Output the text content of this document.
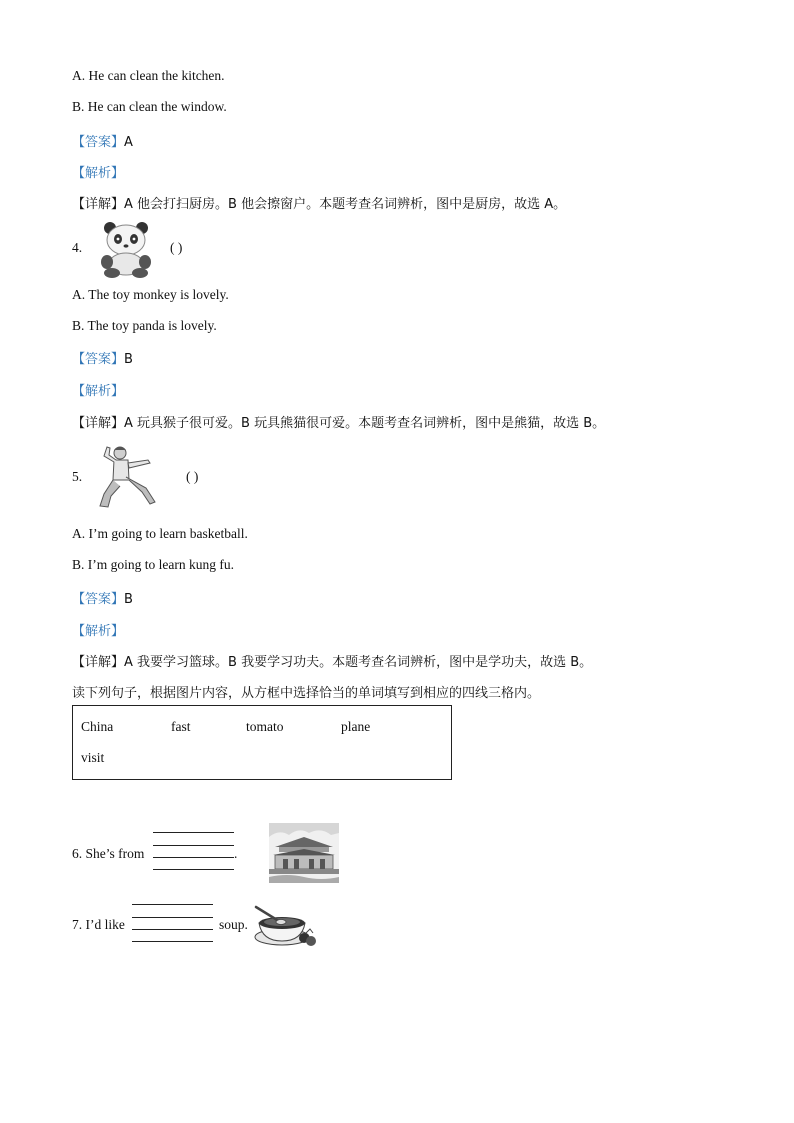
A. He can clean the kitchen.
B. He can clean the window.
【答案】A
【解析】
【详解】A 他会打扫厨房。B 他会擦窗户。本题考查名词辨析，图中是厨房，故选 A。
4.	( )
A. The toy monkey is lovely.
B. The toy panda is lovely.
【答案】B
【解析】
【详解】A 玩具猴子很可爱。B 玩具熊猫很可爱。本题考查名词辨析，图中是熊猫，故选 B。
5.	( )
A. I’m going to learn basketball.
B. I’m going to learn kung fu.
【答案】B
【解析】
【详解】A 我要学习篮球。B 我要学习功夫。本题考查名词辨析，图中是学功夫，故选 B。
读下列句子，根据图片内容，从方框中选择恰当的单词填写到相应的四线三格内。
China	fast	tomato	plane
visit
6. She’s from	.
7. I’d like	soup.
